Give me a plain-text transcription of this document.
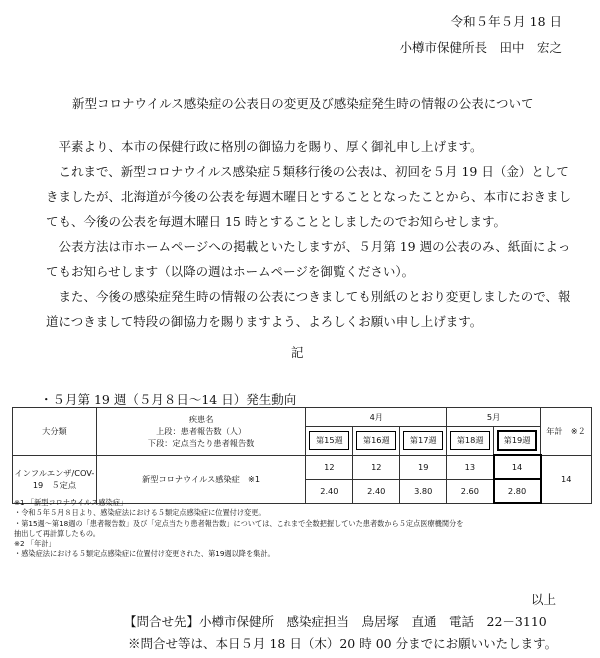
令和５年５月 18 日
小樽市保健所長　田中　宏之
新型コロナウイルス感染症の公表日の変更及び感染症発生時の情報の公表について

平素より、本市の保健行政に格別の御協力を賜り、厚く御礼申し上げます。

これまで、新型コロナウイルス感染症５類移行後の公表は、初回を５月 19 日（金）としてきましたが、北海道が今後の公表を毎週木曜日とすることとなったことから、本市におきましても、今後の公表を毎週木曜日 15 時とすることとしましたのでお知らせします。

公表方法は市ホームページへの掲載といたしますが、５月第 19 週の公表のみ、紙面によってもお知らせします（以降の週はホームページを御覧ください）。

また、今後の感染症発生時の情報の公表につきましても別紙のとおり変更しましたので、報道につきまして特段の御協力を賜りますよう、よろしくお願い申し上げます。

記
・５月第 19 週（５月８日～14 日）発生動向
大分類	疾患名
上段：患者報告数（人）
下段：定点当たり患者報告数	4月			5月		年計　※２

		第15週	第16週	第17週	第18週	第19週	

インフルエンザ/COV-19　５定点	新型コロナウイルス感染症　※1	12	12	19	13	14	14
		2.40	2.40	3.80	2.60	2.80	
※1 「新型コロナウイルス感染症」
・令和５年５月８日より、感染症法における５類定点感染症に位置付け変更。
・第15週～第18週の「患者報告数」及び「定点当たり患者報告数」については、これまで全数把握していた患者数から５定点医療機関分を
抽出して再計算したもの。
※2 「年計」
・感染症法における５類定点感染症に位置付け変更された、第19週以降を集計。
以上
【問合せ先】小樽市保健所　感染症担当　鳥居塚　直通　電話　22－3110
※問合せ等は、本日５月 18 日（木）20 時 00 分までにお願いいたします。
